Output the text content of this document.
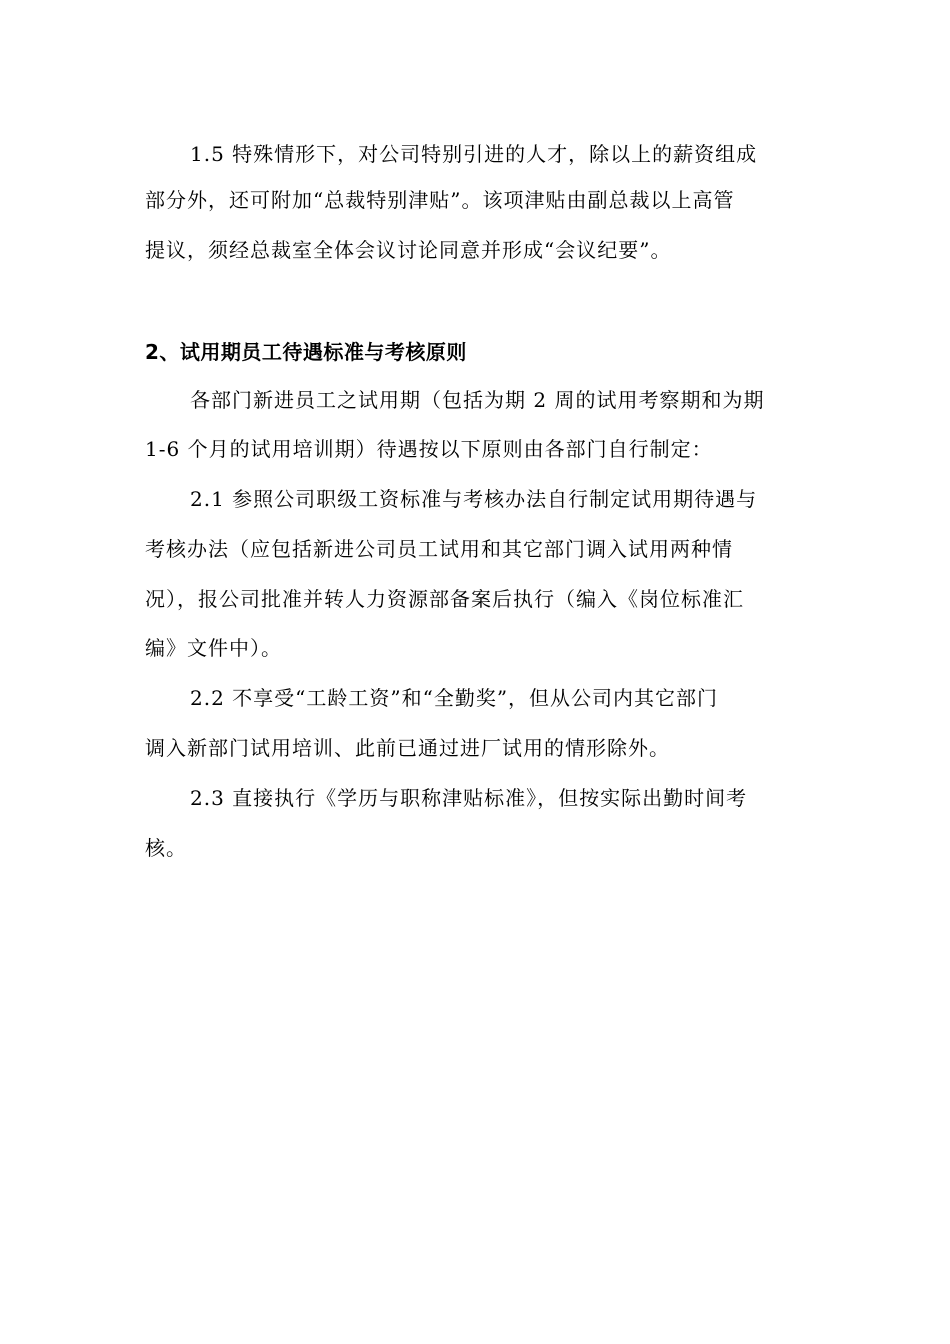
1.5 特殊情形下，对公司特别引进的人才，除以上的薪资组成
部分外，还可附加“总裁特别津贴”。该项津贴由副总裁以上高管
提议，须经总裁室全体会议讨论同意并形成“会议纪要”。
2、试用期员工待遇标准与考核原则
各部门新进员工之试用期（包括为期 2 周的试用考察期和为期
1-6 个月的试用培训期）待遇按以下原则由各部门自行制定：
2.1 参照公司职级工资标准与考核办法自行制定试用期待遇与
考核办法（应包括新进公司员工试用和其它部门调入试用两种情
况），报公司批准并转人力资源部备案后执行（编入《岗位标准汇
编》文件中）。
2.2 不享受“工龄工资”和“全勤奖”，但从公司内其它部门
调入新部门试用培训、此前已通过进厂试用的情形除外。
2.3 直接执行《学历与职称津贴标准》，但按实际出勤时间考
核。
